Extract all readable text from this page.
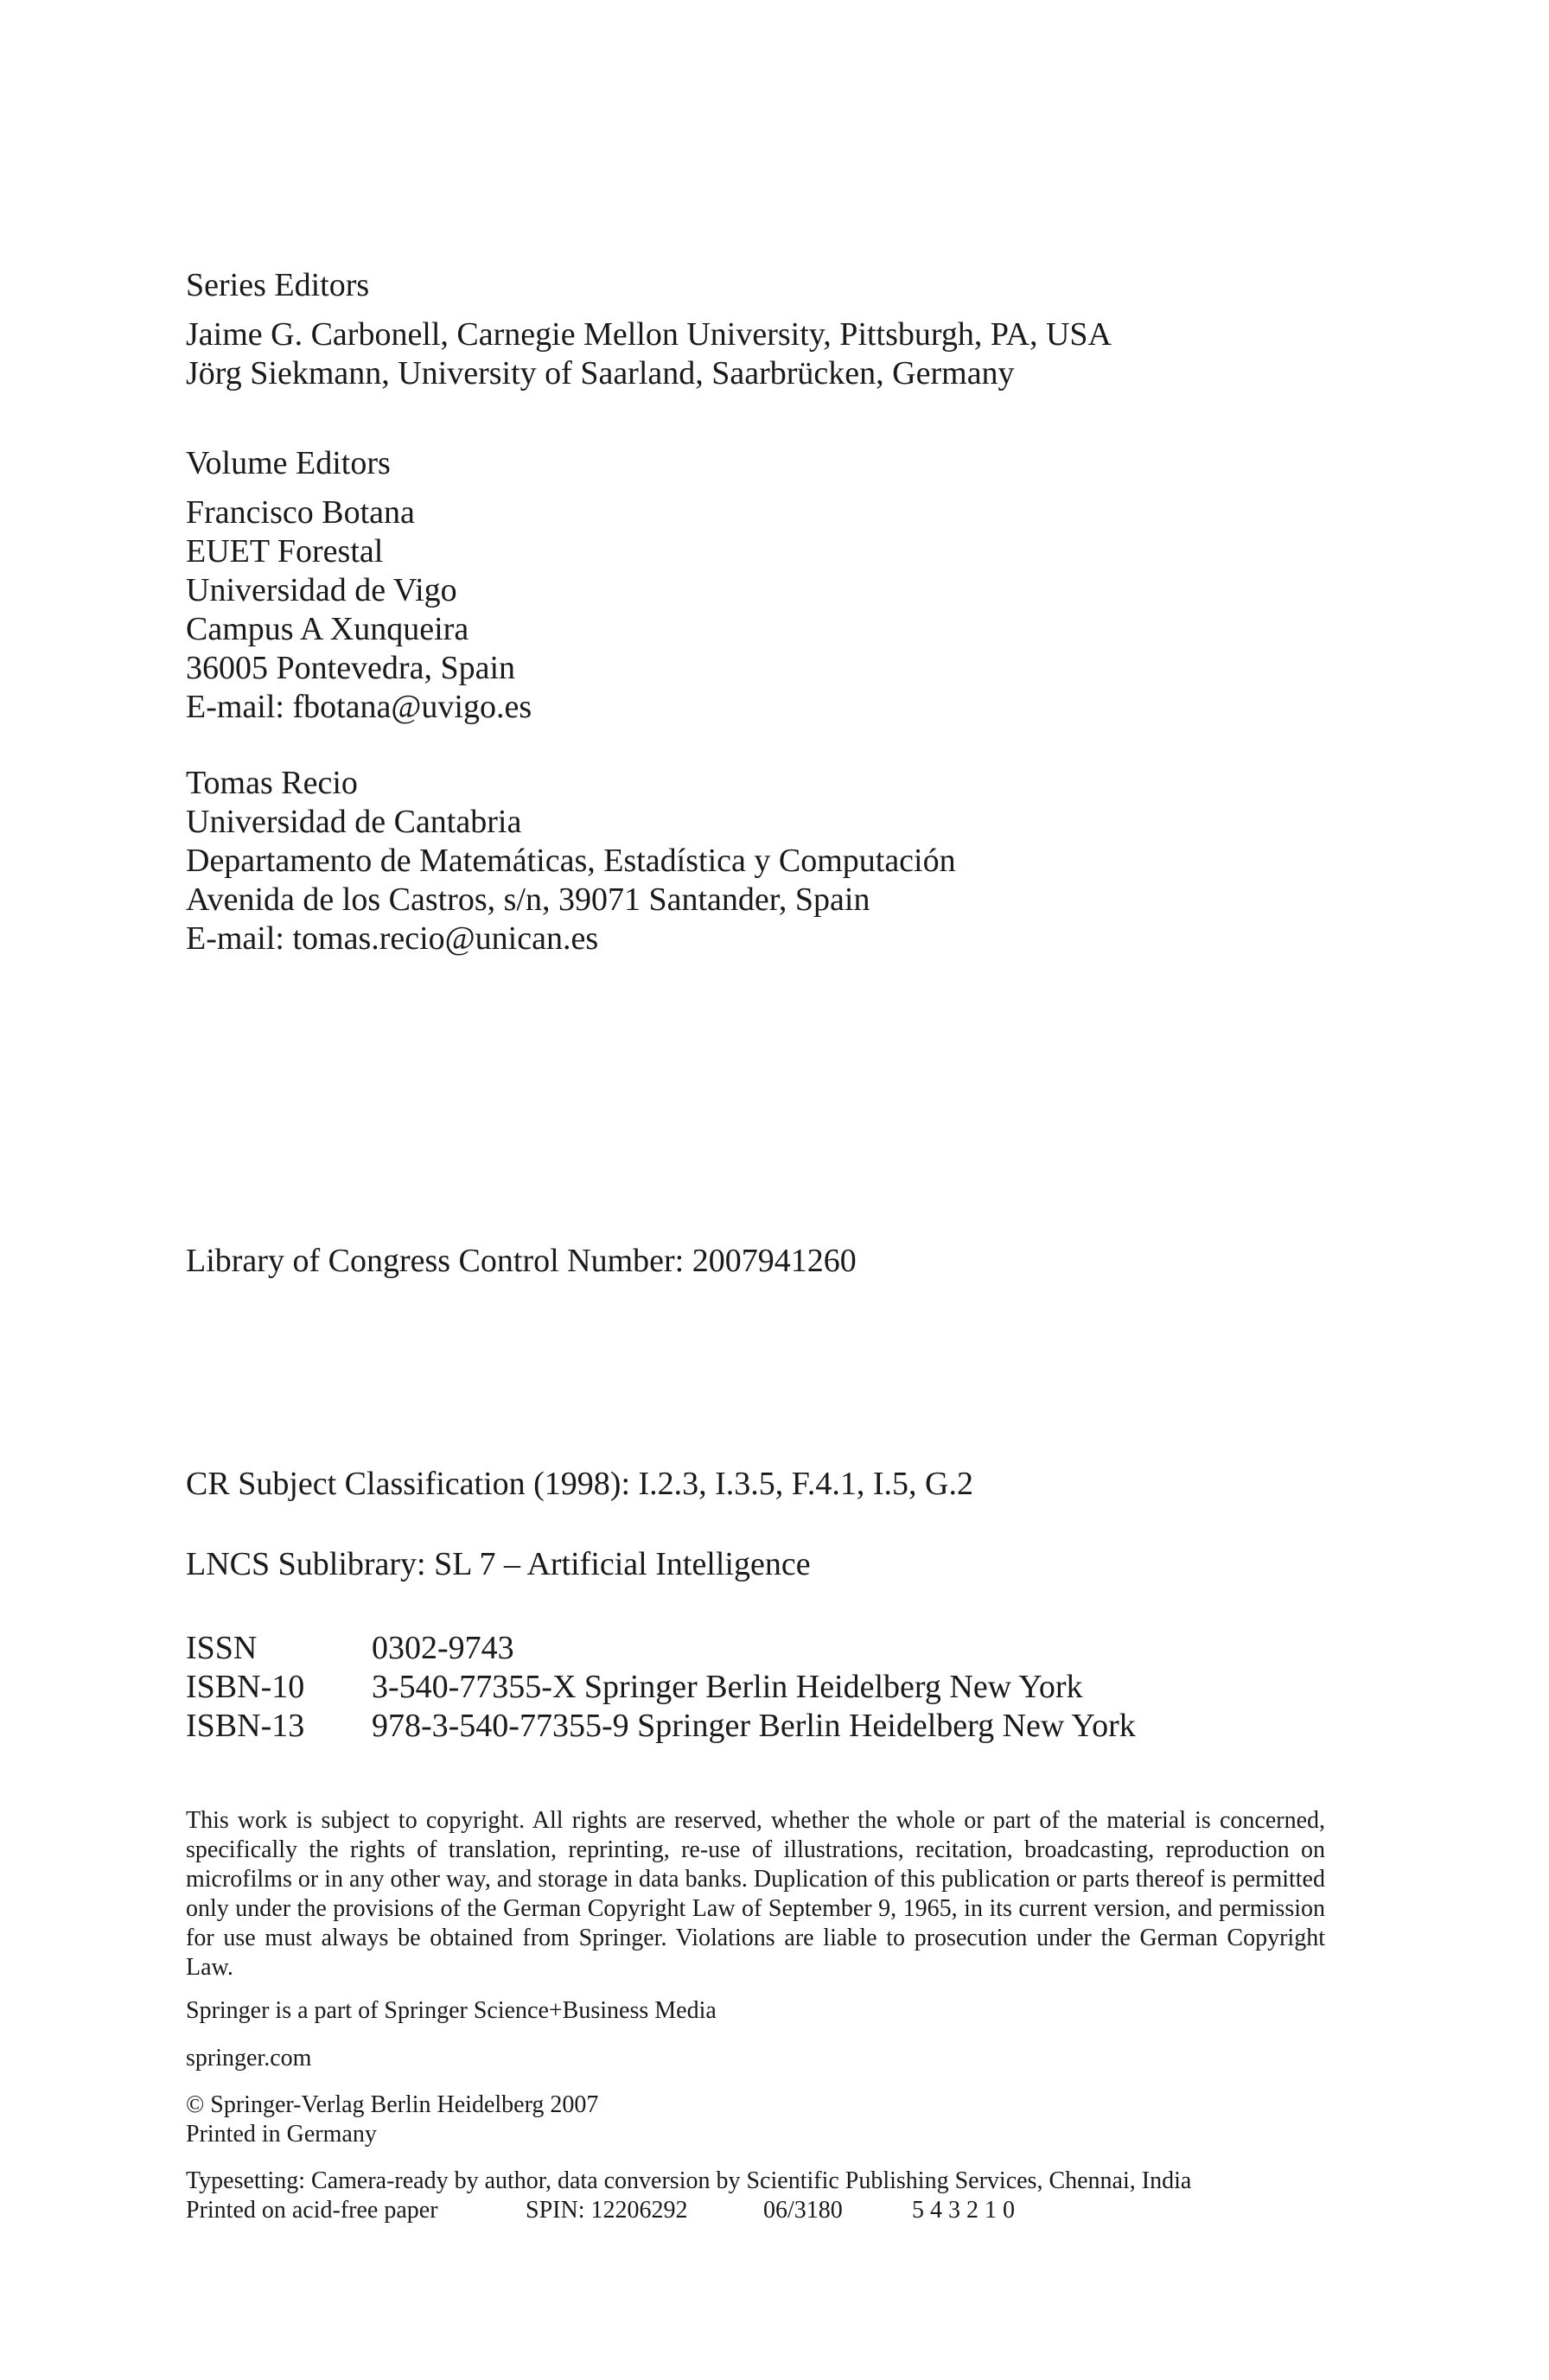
Series Editors
Jaime G. Carbonell, Carnegie Mellon University, Pittsburgh, PA, USA
Jörg Siekmann, University of Saarland, Saarbrücken, Germany
Volume Editors
Francisco Botana
EUET Forestal
Universidad de Vigo
Campus A Xunqueira
36005 Pontevedra, Spain
E-mail: fbotana@uvigo.es
Tomas Recio
Universidad de Cantabria
Departamento de Matemáticas, Estadística y Computación
Avenida de los Castros, s/n, 39071 Santander, Spain
E-mail: tomas.recio@unican.es
Library of Congress Control Number: 2007941260
CR Subject Classification (1998): I.2.3, I.3.5, F.4.1, I.5, G.2
LNCS Sublibrary: SL 7 – Artificial Intelligence
ISSN	0302-9743
ISBN-10	3-540-77355-X Springer Berlin Heidelberg New York
ISBN-13	978-3-540-77355-9 Springer Berlin Heidelberg New York

This work is subject to copyright. All rights are reserved, whether the whole or part of the material is concerned, specifically the rights of translation, reprinting, re-use of illustrations, recitation, broadcasting, reproduction on microfilms or in any other way, and storage in data banks. Duplication of this publication or parts thereof is permitted only under the provisions of the German Copyright Law of September 9, 1965, in its current version, and permission for use must always be obtained from Springer. Violations are liable to prosecution under the German Copyright Law.

Springer is a part of Springer Science+Business Media
springer.com
© Springer-Verlag Berlin Heidelberg 2007
Printed in Germany
Typesetting: Camera-ready by author, data conversion by Scientific Publishing Services, Chennai, India
Printed on acid-free paper	SPIN: 12206292	06/3180	5 4 3 2 1 0
